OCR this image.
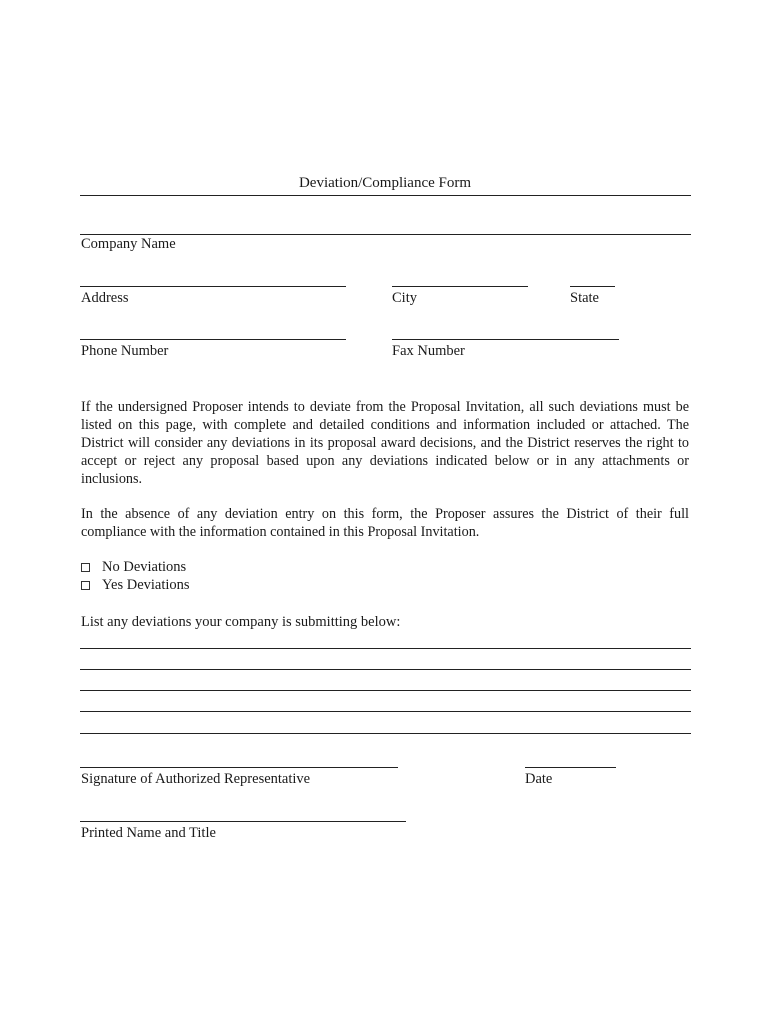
Deviation/Compliance Form
Company Name
Address	City	State
Phone Number	Fax Number
If the undersigned Proposer intends to deviate from the Proposal Invitation, all such deviations must be listed on this page, with complete and detailed conditions and information included or attached. The District will consider any deviations in its proposal award decisions, and the District reserves the right to accept or reject any proposal based upon any deviations indicated below or in any attachments or inclusions.
In the absence of any deviation entry on this form, the Proposer assures the District of their full compliance with the information contained in this Proposal Invitation.
No Deviations
Yes Deviations
List any deviations your company is submitting below:
Signature of Authorized Representative	Date
Printed Name and Title
